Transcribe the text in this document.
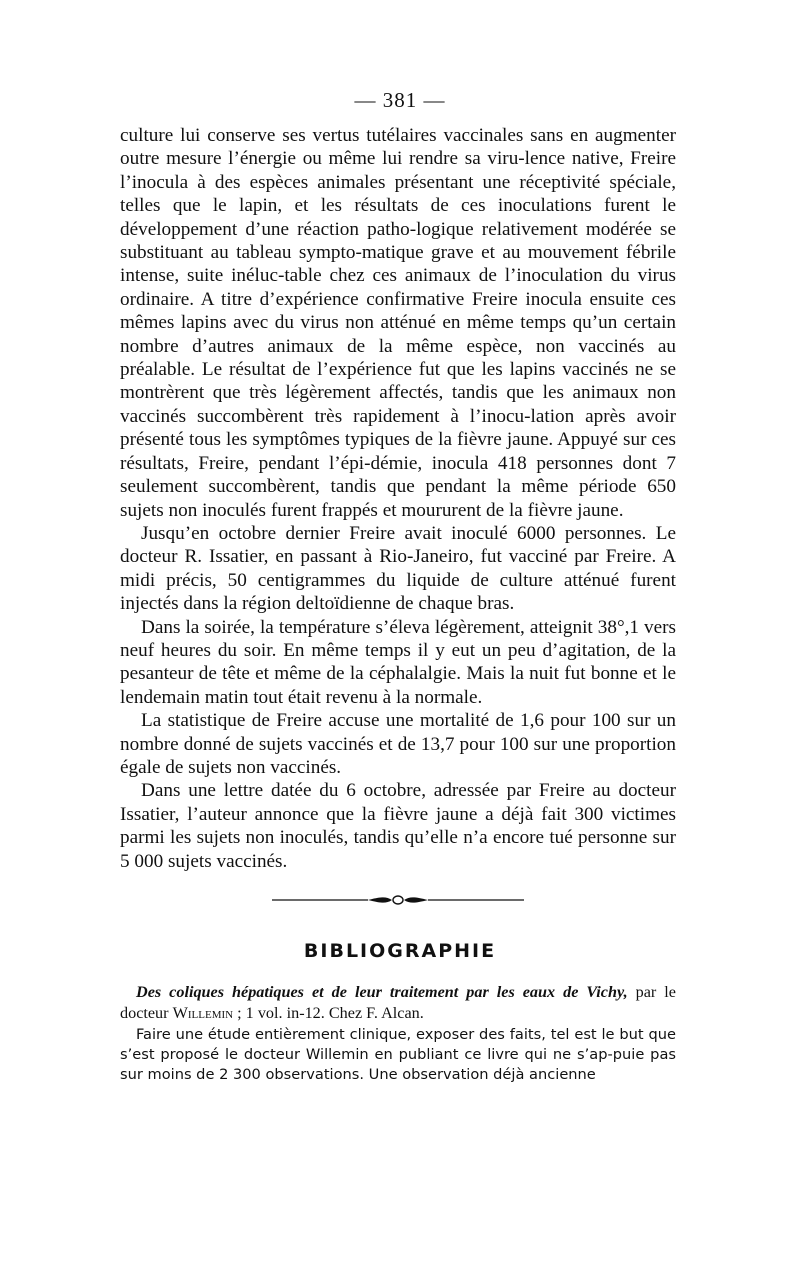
— 381 —

culture lui conserve ses vertus tutélaires vaccinales sans en augmenter outre mesure l’énergie ou même lui rendre sa viru-lence native, Freire l’inocula à des espèces animales présentant une réceptivité spéciale, telles que le lapin, et les résultats de ces inoculations furent le développement d’une réaction patho-logique relativement modérée se substituant au tableau sympto-matique grave et au mouvement fébrile intense, suite inéluc-table chez ces animaux de l’inoculation du virus ordinaire. A titre d’expérience confirmative Freire inocula ensuite ces mêmes lapins avec du virus non atténué en même temps qu’un certain nombre d’autres animaux de la même espèce, non vaccinés au préalable. Le résultat de l’expérience fut que les lapins vaccinés ne se montrèrent que très légèrement affectés, tandis que les animaux non vaccinés succombèrent très rapidement à l’inocu-lation après avoir présenté tous les symptômes typiques de la fièvre jaune. Appuyé sur ces résultats, Freire, pendant l’épi-démie, inocula 418 personnes dont 7 seulement succombèrent, tandis que pendant la même période 650 sujets non inoculés furent frappés et moururent de la fièvre jaune.

Jusqu’en octobre dernier Freire avait inoculé 6000 personnes. Le docteur R. Issatier, en passant à Rio-Janeiro, fut vacciné par Freire. A midi précis, 50 centigrammes du liquide de culture atténué furent injectés dans la région deltoïdienne de chaque bras.

Dans la soirée, la température s’éleva légèrement, atteignit 38°,1 vers neuf heures du soir. En même temps il y eut un peu d’agitation, de la pesanteur de tête et même de la céphalalgie. Mais la nuit fut bonne et le lendemain matin tout était revenu à la normale.

La statistique de Freire accuse une mortalité de 1,6 pour 100 sur un nombre donné de sujets vaccinés et de 13,7 pour 100 sur une proportion égale de sujets non vaccinés.

Dans une lettre datée du 6 octobre, adressée par Freire au docteur Issatier, l’auteur annonce que la fièvre jaune a déjà fait 300 victimes parmi les sujets non inoculés, tandis qu’elle n’a encore tué personne sur 5 000 sujets vaccinés.

BIBLIOGRAPHIE

Des coliques hépatiques et de leur traitement par les eaux de Vichy, par le docteur Willemin ; 1 vol. in-12. Chez F. Alcan.

Faire une étude entièrement clinique, exposer des faits, tel est le but que s’est proposé le docteur Willemin en publiant ce livre qui ne s’ap-puie pas sur moins de 2 300 observations. Une observation déjà ancienne
